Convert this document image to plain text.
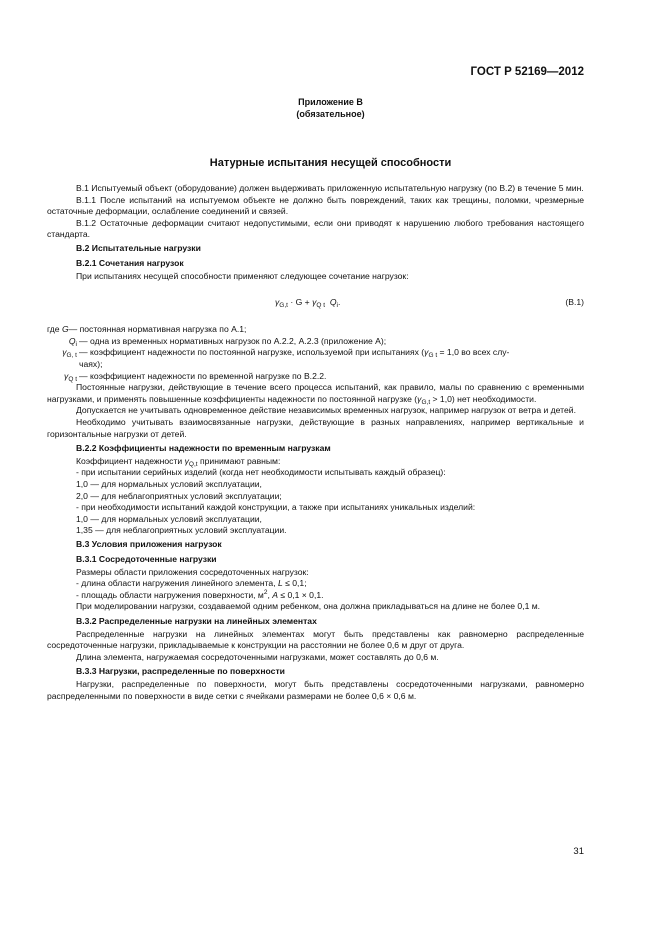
ГОСТ Р 52169—2012
Приложение В
(обязательное)
Натурные испытания несущей способности

В.1 Испытуемый объект (оборудование) должен выдерживать приложенную испытательную нагрузку (по В.2) в течение 5 мин.

В.1.1 После испытаний на испытуемом объекте не должно быть повреждений, таких как трещины, поломки, чрезмерные остаточные деформации, ослабление соединений и связей.

В.1.2 Остаточные деформации считают недопустимыми, если они приводят к нарушению любого требования настоящего стандарта.

В.2 Испытательные нагрузки
В.2.1 Сочетания нагрузок

При испытаниях несущей способности применяют следующее сочетание нагрузок:

$\gamma_{G,t} \cdot G + \gamma_{Q t}$ $Q_i$.	(В.1)
где
G — постоянная нормативная нагрузка по А.1;
$Q_i$ — одна из временных нормативных нагрузок по А.2.2, А.2.3 (приложение А);
$\gamma_{G, t}$ — коэффициент надежности по постоянной нагрузке, используемой при испытаниях ($\gamma_{G t} = 1,0$ во всех слу-
чаях);
$\gamma_{Q t}$ — коэффициент надежности по временной нагрузке по В.2.2.

Постоянные нагрузки, действующие в течение всего процесса испытаний, как правило, малы по сравнению с временными нагрузками, и применять повышенные коэффициенты надежности по постоянной нагрузке $(\gamma_{G,t} > 1,0)$ нет необходимости.

Допускается не учитывать одновременное действие независимых временных нагрузок, например нагрузок от ветра и детей.

Необходимо учитывать взаимосвязанные нагрузки, действующие в разных направлениях, например вертикальные и горизонтальные нагрузки от детей.

В.2.2 Коэффициенты надежности по временным нагрузкам

Коэффициент надежности $\gamma_{Q,t}$ принимают равным:

- при испытании серийных изделий (когда нет необходимости испытывать каждый образец):
1,0 — для нормальных условий эксплуатации,
2,0 — для неблагоприятных условий эксплуатации;
- при необходимости испытаний каждой конструкции, а также при испытаниях уникальных изделий:
1,0 — для нормальных условий эксплуатации,
1,35 — для неблагоприятных условий эксплуатации.
В.3 Условия приложения нагрузок
В.3.1 Сосредоточенные нагрузки

Размеры области приложения сосредоточенных нагрузок:

- длина области нагружения линейного элемента, L ≤ 0,1;
- площадь области нагружения поверхности, $м^2$, A ≤ 0,1 × 0,1.

При моделировании нагрузки, создаваемой одним ребенком, она должна прикладываться на длине не более 0,1 м.

В.3.2 Распределенные нагрузки на линейных элементах

Распределенные нагрузки на линейных элементах могут быть представлены как равномерно распределенные сосредоточенные нагрузки, прикладываемые к конструкции на расстоянии не более 0,6 м друг от друга.

Длина элемента, нагружаемая сосредоточенными нагрузками, может составлять до 0,6 м.

В.3.3 Нагрузки, распределенные по поверхности

Нагрузки, распределенные по поверхности, могут быть представлены сосредоточенными нагрузками, равномерно распределенными по поверхности в виде сетки с ячейками размерами не более 0,6 × 0,6 м.

31
